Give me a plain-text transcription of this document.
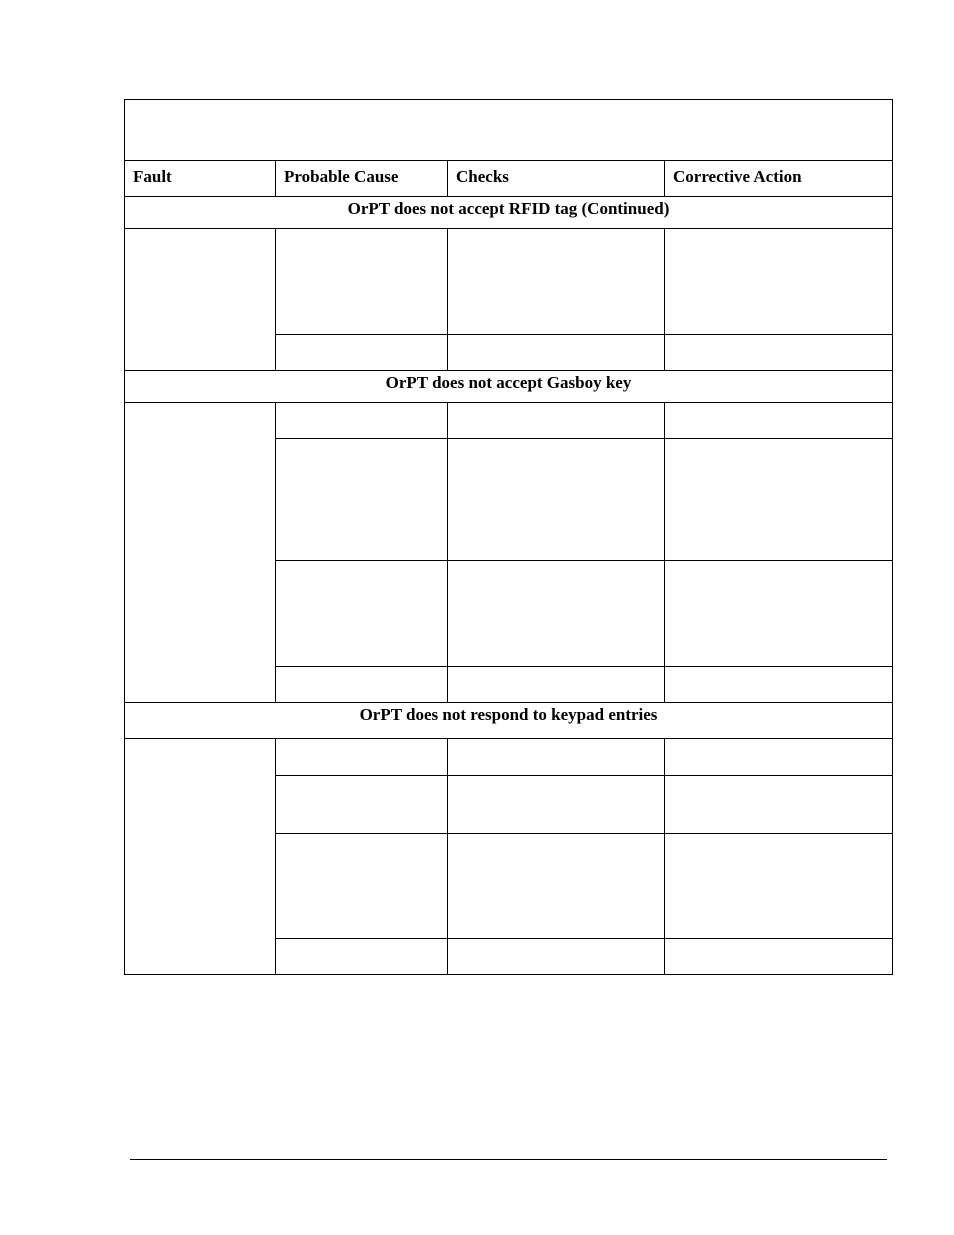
Fault	Probable Cause	Checks	Corrective Action
OrPT does not accept RFID tag (Continued)			

OrPT does not accept Gasboy key			

OrPT does not respond to keypad entries			
